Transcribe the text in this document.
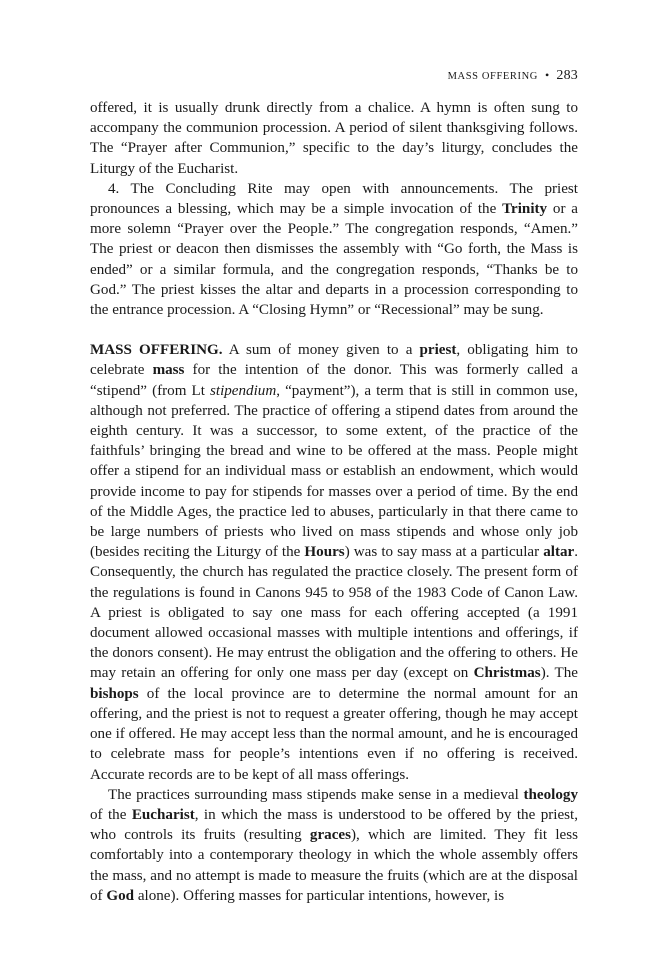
MASS OFFERING • 283

offered, it is usually drunk directly from a chalice. A hymn is often sung to accompany the communion procession. A period of silent thanksgiving follows. The “Prayer after Communion,” specific to the day’s liturgy, concludes the Liturgy of the Eucharist.

4. The Concluding Rite may open with announcements. The priest pronounces a blessing, which may be a simple invocation of the Trinity or a more solemn “Prayer over the People.” The congregation responds, “Amen.” The priest or deacon then dismisses the assembly with “Go forth, the Mass is ended” or a similar formula, and the congregation responds, “Thanks be to God.” The priest kisses the altar and departs in a procession corresponding to the entrance procession. A “Closing Hymn” or “Recessional” may be sung.

MASS OFFERING. A sum of money given to a priest, obligating him to celebrate mass for the intention of the donor. This was formerly called a “stipend” (from Lt stipendium, “payment”), a term that is still in common use, although not preferred. The practice of offering a stipend dates from around the eighth century. It was a successor, to some extent, of the practice of the faithfuls’ bringing the bread and wine to be offered at the mass. People might offer a stipend for an individual mass or establish an endowment, which would provide income to pay for stipends for masses over a period of time. By the end of the Middle Ages, the practice led to abuses, particularly in that there came to be large numbers of priests who lived on mass stipends and whose only job (besides reciting the Liturgy of the Hours) was to say mass at a particular altar. Consequently, the church has regulated the practice closely. The present form of the regulations is found in Canons 945 to 958 of the 1983 Code of Canon Law. A priest is obligated to say one mass for each offering accepted (a 1991 document allowed occasional masses with multiple intentions and offerings, if the donors consent). He may entrust the obligation and the offering to others. He may retain an offering for only one mass per day (except on Christmas). The bishops of the local province are to determine the normal amount for an offering, and the priest is not to request a greater offering, though he may accept one if offered. He may accept less than the normal amount, and he is encouraged to celebrate mass for people’s intentions even if no offering is received. Accurate records are to be kept of all mass offerings.

The practices surrounding mass stipends make sense in a medieval theology of the Eucharist, in which the mass is understood to be offered by the priest, who controls its fruits (resulting graces), which are limited. They fit less comfortably into a contemporary theology in which the whole assembly offers the mass, and no attempt is made to measure the fruits (which are at the disposal of God alone). Offering masses for particular intentions, however, is
